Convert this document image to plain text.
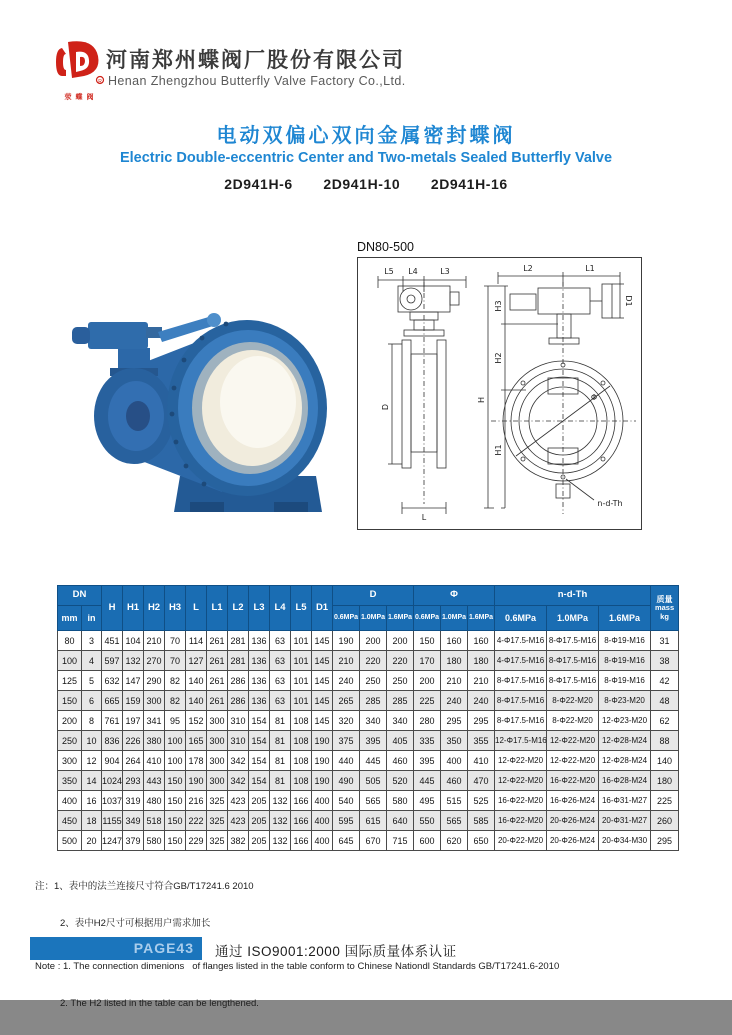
R
荥蝶阀
河南郑州蝶阀厂股份有限公司
Henan Zhengzhou Butterfly Valve Factory Co.,Ltd.
电动双偏心双向金属密封蝶阀
Electric Double-eccentric Center and Two-metals Sealed Butterfly Valve
2D941H-6 2D941H-10 2D941H-16
DN80-500
L5 L4	L3
D
L
L2	L1
H
H3
H2
H1
D1
Φ
n-d-Th
DN		H	H1	H2	H3	L	L1	L2	L3	L4	L5	D1	D			Φ			n-d-Th			质量
mass
kg

mm	in												0.6MPa	1.0MPa	1.6MPa	0.6MPa	1.0MPa	1.6MPa	0.6MPa	1.0MPa	1.6MPa	
80	3	451	104	210	70	114	261	281	136	63	101	145	190	200	200	150	160	160	4-Φ17.5-M16	8-Φ17.5-M16	8-Φ19-M16	31
100	4	597	132	270	70	127	261	281	136	63	101	145	210	220	220	170	180	180	4-Φ17.5-M16	8-Φ17.5-M16	8-Φ19-M16	38
125	5	632	147	290	82	140	261	286	136	63	101	145	240	250	250	200	210	210	8-Φ17.5-M16	8-Φ17.5-M16	8-Φ19-M16	42
150	6	665	159	300	82	140	261	286	136	63	101	145	265	285	285	225	240	240	8-Φ17.5-M16	8-Φ22-M20	8-Φ23-M20	48
200	8	761	197	341	95	152	300	310	154	81	108	145	320	340	340	280	295	295	8-Φ17.5-M16	8-Φ22-M20	12-Φ23-M20	62
250	10	836	226	380	100	165	300	310	154	81	108	190	375	395	405	335	350	355	12-Φ17.5-M16	12-Φ22-M20	12-Φ28-M24	88
300	12	904	264	410	100	178	300	342	154	81	108	190	440	445	460	395	400	410	12-Φ22-M20	12-Φ22-M20	12-Φ28-M24	140
350	14	1024	293	443	150	190	300	342	154	81	108	190	490	505	520	445	460	470	12-Φ22-M20	16-Φ22-M20	16-Φ28-M24	180
400	16	1037	319	480	150	216	325	423	205	132	166	400	540	565	580	495	515	525	16-Φ22-M20	16-Φ26-M24	16-Φ31-M27	225
450	18	1155	349	518	150	222	325	423	205	132	166	400	595	615	640	550	565	585	16-Φ22-M20	20-Φ26-M24	20-Φ31-M27	260
500	20	1247	379	580	150	229	325	382	205	132	166	400	645	670	715	600	620	650	20-Φ22-M20	20-Φ26-M24	20-Φ34-M30	295

注：1、表中的法兰连接尺寸符合GB/T17241.6 2010

2、表中H2尺寸可根据用户需求加长

Note : 1. The connection dimenions   of flanges listed in the table conform to Chinese Nationdl Standards GB/T17241.6-2010

2. The H2 listed in the table can be lengthened.

PAGE43	通过 ISO9001:2000 国际质量体系认证
